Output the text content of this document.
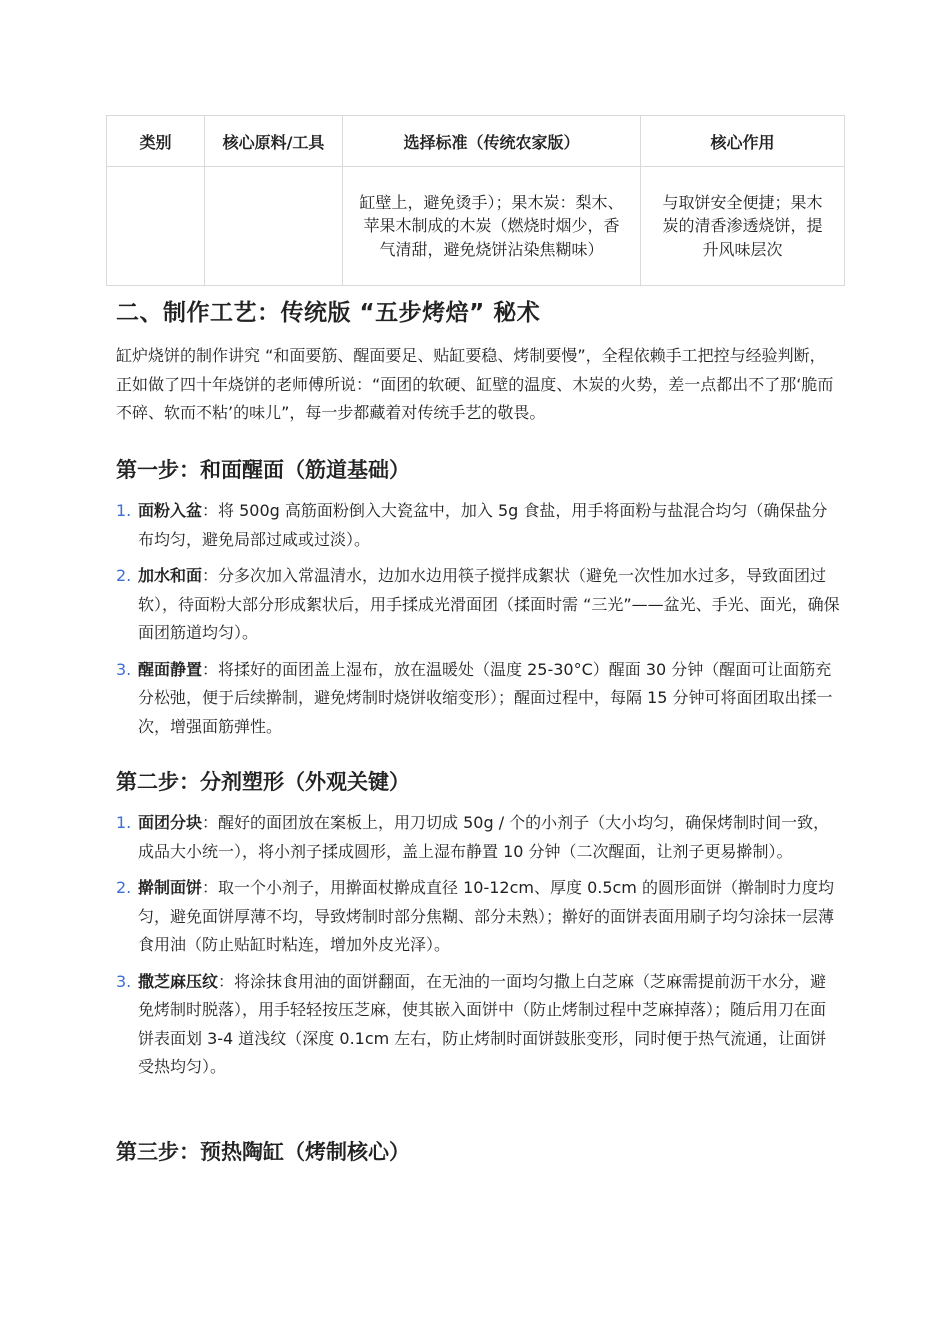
类别	核心原料/工具	选择标准（传统农家版）	核心作用
		缸壁上，避免烫手）；果木炭：梨木、苹果木制成的木炭（燃烧时烟少，香气清甜，避免烧饼沾染焦糊味）	与取饼安全便捷；果木炭的清香渗透烧饼，提升风味层次
二、制作工艺：传统版 “五步烤焙” 秘术

缸炉烧饼的制作讲究 “和面要筋、醒面要足、贴缸要稳、烤制要慢”，全程依赖手工把控与经验判断，正如做了四十年烧饼的老师傅所说：“面团的软硬、缸壁的温度、木炭的火势，差一点都出不了那‘脆而不碎、软而不粘’的味儿”，每一步都藏着对传统手艺的敬畏。

第一步：和面醒面（筋道基础）
1. 面粉入盆：将 500g 高筋面粉倒入大瓷盆中，加入 5g 食盐，用手将面粉与盐混合均匀（确保盐分布均匀，避免局部过咸或过淡）。
2. 加水和面：分多次加入常温清水，边加水边用筷子搅拌成絮状（避免一次性加水过多，导致面团过软），待面粉大部分形成絮状后，用手揉成光滑面团（揉面时需 “三光”——盆光、手光、面光，确保面团筋道均匀）。
3. 醒面静置：将揉好的面团盖上湿布，放在温暖处（温度 25-30°C）醒面 30 分钟（醒面可让面筋充分松弛，便于后续擀制，避免烤制时烧饼收缩变形）；醒面过程中，每隔 15 分钟可将面团取出揉一次，增强面筋弹性。
第二步：分剂塑形（外观关键）
1. 面团分块：醒好的面团放在案板上，用刀切成 50g / 个的小剂子（大小均匀，确保烤制时间一致，成品大小统一），将小剂子揉成圆形，盖上湿布静置 10 分钟（二次醒面，让剂子更易擀制）。
2. 擀制面饼：取一个小剂子，用擀面杖擀成直径 10-12cm、厚度 0.5cm 的圆形面饼（擀制时力度均匀，避免面饼厚薄不均，导致烤制时部分焦糊、部分未熟）；擀好的面饼表面用刷子均匀涂抹一层薄食用油（防止贴缸时粘连，增加外皮光泽）。
3. 撒芝麻压纹：将涂抹食用油的面饼翻面，在无油的一面均匀撒上白芝麻（芝麻需提前沥干水分，避免烤制时脱落），用手轻轻按压芝麻，使其嵌入面饼中（防止烤制过程中芝麻掉落）；随后用刀在面饼表面划 3-4 道浅纹（深度 0.1cm 左右，防止烤制时面饼鼓胀变形，同时便于热气流通，让面饼受热均匀）。
第三步：预热陶缸（烤制核心）
